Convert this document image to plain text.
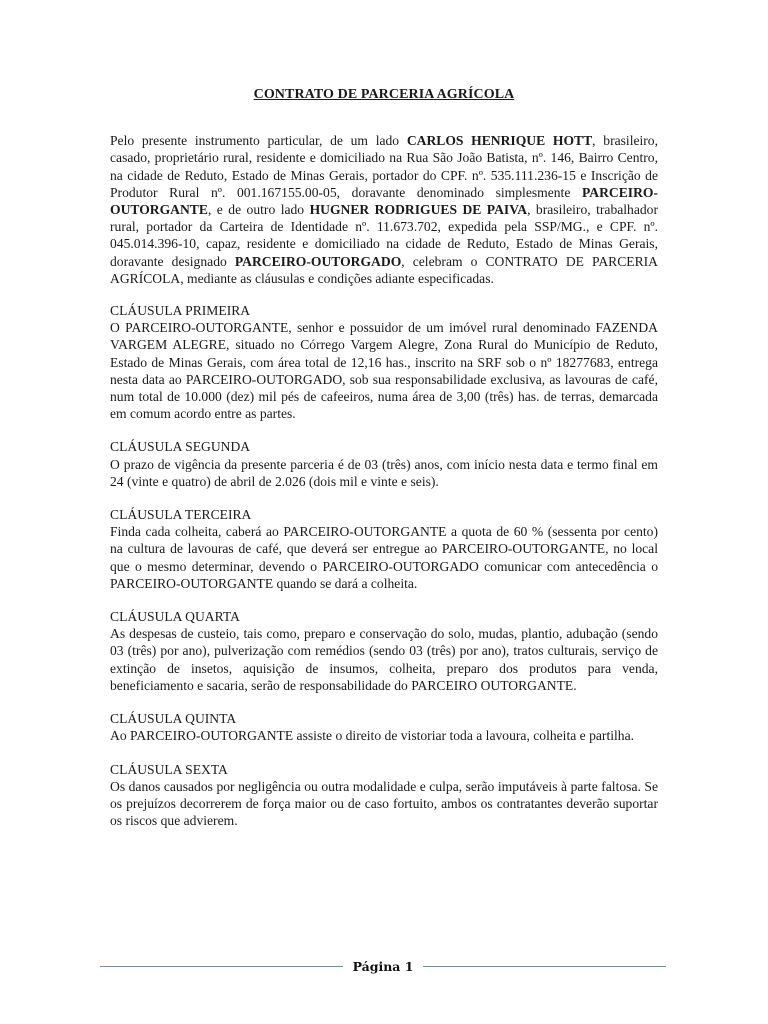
CONTRATO DE PARCERIA AGRÍCOLA

Pelo presente instrumento particular, de um lado CARLOS HENRIQUE HOTT, brasileiro, casado, proprietário rural, residente e domiciliado na Rua São João Batista, nº. 146, Bairro Centro, na cidade de Reduto, Estado de Minas Gerais, portador do CPF. nº. 535.111.236-15 e Inscrição de Produtor Rural nº. 001.167155.00-05, doravante denominado simplesmente PARCEIRO-OUTORGANTE, e de outro lado HUGNER RODRIGUES DE PAIVA, brasileiro, trabalhador rural, portador da Carteira de Identidade nº. 11.673.702, expedida pela SSP/MG., e CPF. nº. 045.014.396-10, capaz, residente e domiciliado na cidade de Reduto, Estado de Minas Gerais, doravante designado PARCEIRO-OUTORGADO, celebram o CONTRATO DE PARCERIA AGRÍCOLA, mediante as cláusulas e condições adiante especificadas.

CLÁUSULA PRIMEIRA

O PARCEIRO-OUTORGANTE, senhor e possuidor de um imóvel rural denominado FAZENDA VARGEM ALEGRE, situado no Córrego Vargem Alegre, Zona Rural do Município de Reduto, Estado de Minas Gerais, com área total de 12,16 has., inscrito na SRF sob o nº 18277683, entrega nesta data ao PARCEIRO-OUTORGADO, sob sua responsabilidade exclusiva, as lavouras de café, num total de 10.000 (dez) mil pés de cafeeiros, numa área de 3,00 (três) has. de terras, demarcada em comum acordo entre as partes.

CLÁUSULA SEGUNDA

O prazo de vigência da presente parceria é de 03 (três) anos, com início nesta data e termo final em 24 (vinte e quatro) de abril de 2.026 (dois mil e vinte e seis).

CLÁUSULA TERCEIRA

Finda cada colheita, caberá ao PARCEIRO-OUTORGANTE a quota de 60 % (sessenta por cento) na cultura de lavouras de café, que deverá ser entregue ao PARCEIRO-OUTORGANTE, no local que o mesmo determinar, devendo o PARCEIRO-OUTORGADO comunicar com antecedência o PARCEIRO-OUTORGANTE quando se dará a colheita.

CLÁUSULA QUARTA

As despesas de custeio, tais como, preparo e conservação do solo, mudas, plantio, adubação (sendo 03 (três) por ano), pulverização com remédios (sendo 03 (três) por ano), tratos culturais, serviço de extinção de insetos, aquisição de insumos, colheita, preparo dos produtos para venda, beneficiamento e sacaria, serão de responsabilidade do PARCEIRO OUTORGANTE.

CLÁUSULA QUINTA

Ao PARCEIRO-OUTORGANTE assiste o direito de vistoriar toda a lavoura, colheita e partilha.

CLÁUSULA SEXTA

Os danos causados por negligência ou outra modalidade e culpa, serão imputáveis à parte faltosa. Se os prejuízos decorrerem de força maior ou de caso fortuito, ambos os contratantes deverão suportar os riscos que advierem.

Página 1
